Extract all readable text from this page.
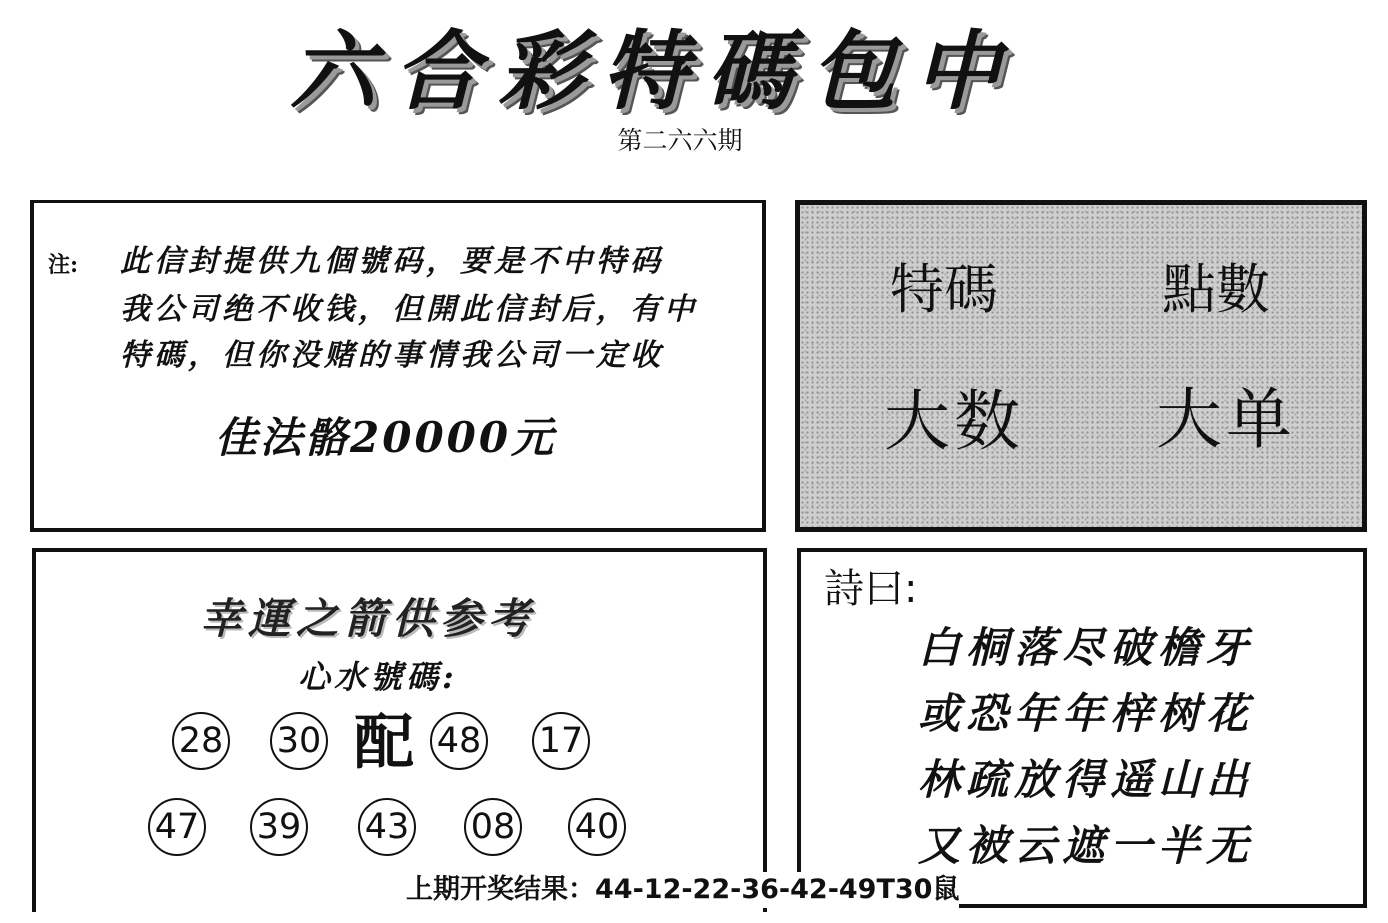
六合彩特碼包中
第二六六期
注: 此信封提供九個號码，要是不中特码
我公司绝不收钱，但開此信封后，有中
特碼，但你没赌的事情我公司一定收
佳法骼20000元
特碼	點數
大数 大单
幸運之箭供参考
心水號碼:
28 30 配 48 17
47 39 43 08 40
詩曰:
白桐落尽破檐牙
或恐年年梓树花
林疏放得遥山出
又被云遮一半无
上期开奖结果：44-12-22-36-42-49T30鼠
